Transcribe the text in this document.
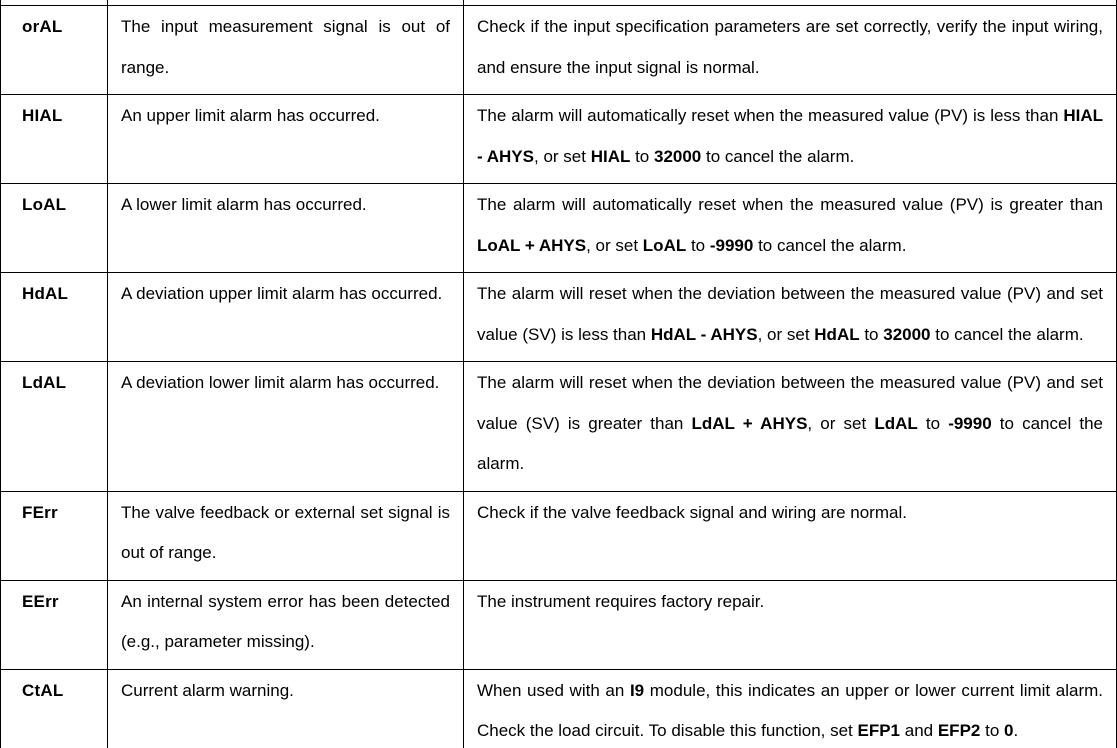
orAL	The input measurement signal is out of range.	Check if the input specification parameters are set correctly, verify the input wiring, and ensure the input signal is normal.
HIAL	An upper limit alarm has occurred.	The alarm will automatically reset when the measured value (PV) is less than HIAL - AHYS, or set HIAL to 32000 to cancel the alarm.
LoAL	A lower limit alarm has occurred.	The alarm will automatically reset when the measured value (PV) is greater than LoAL + AHYS, or set LoAL to -9990 to cancel the alarm.
HdAL	A deviation upper limit alarm has occurred.	The alarm will reset when the deviation between the measured value (PV) and set value (SV) is less than HdAL - AHYS, or set HdAL to 32000 to cancel the alarm.
LdAL	A deviation lower limit alarm has occurred.	The alarm will reset when the deviation between the measured value (PV) and set value (SV) is greater than LdAL + AHYS, or set LdAL to -9990 to cancel the alarm.
FErr	The valve feedback or external set signal is out of range.	Check if the valve feedback signal and wiring are normal.
EErr	An internal system error has been detected (e.g., parameter missing).	The instrument requires factory repair.
CtAL	Current alarm warning.	When used with an I9 module, this indicates an upper or lower current limit alarm. Check the load circuit. To disable this function, set EFP1 and EFP2 to 0.
